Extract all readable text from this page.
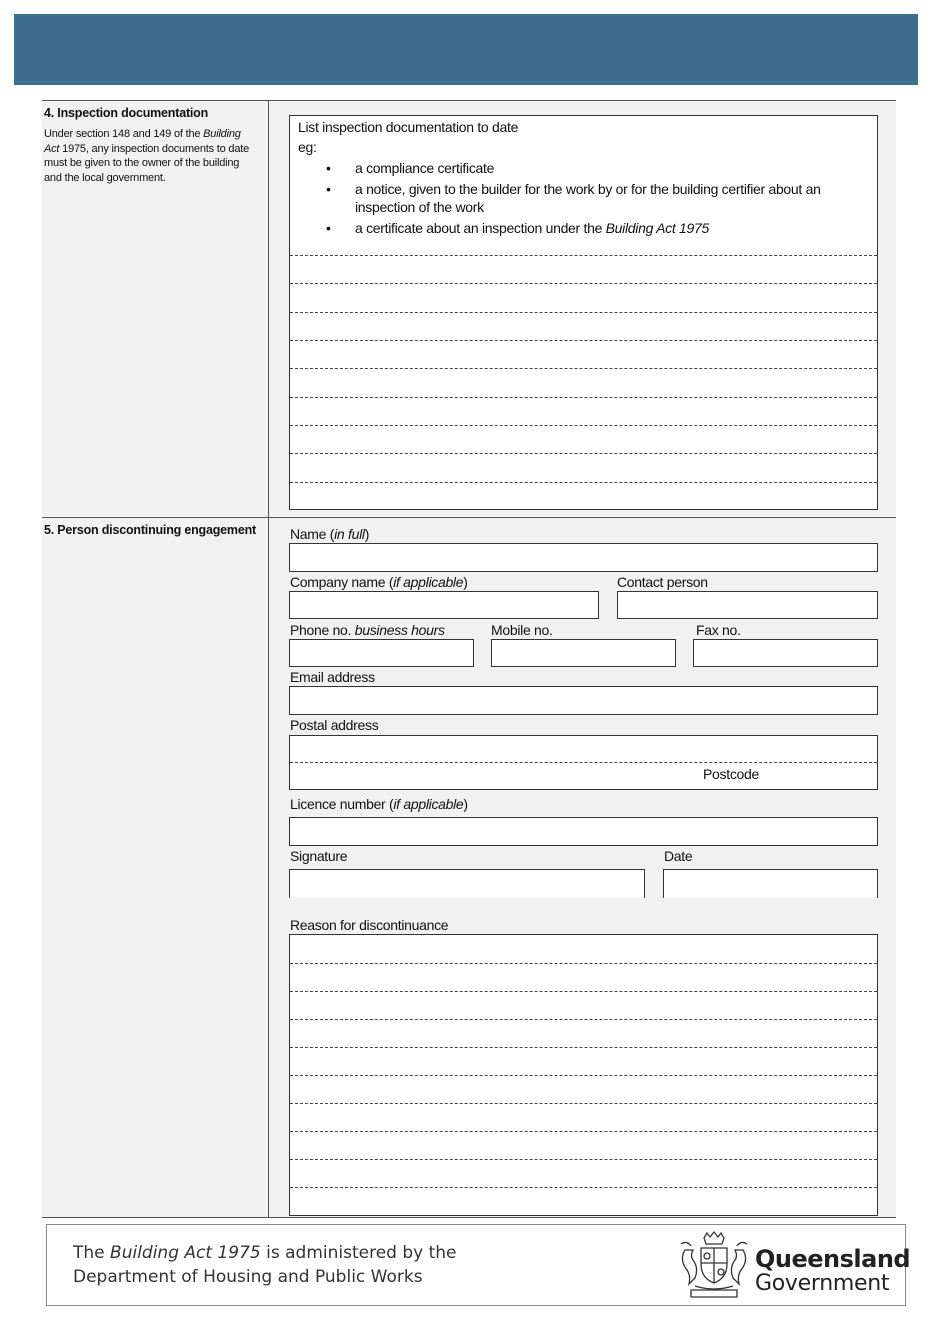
4. Inspection documentation
Under section 148 and 149 of the Building Act 1975, any inspection documents to date must be given to the owner of the building and the local government.
List inspection documentation to date
eg:
• a compliance certificate
• a notice, given to the builder for the work by or for the building certifier about an inspection of the work
• a certificate about an inspection under the Building Act 1975
5. Person discontinuing engagement Name (in full)
Company name (if applicable)	Contact person
Phone no. business hours	Mobile no.	Fax no.
Email address
Postal address
Postcode
Licence number (if applicable)
Signature	Date
Reason for discontinuance
The Building Act 1975 is administered by the
Department of Housing and Public Works
Queensland
Government
